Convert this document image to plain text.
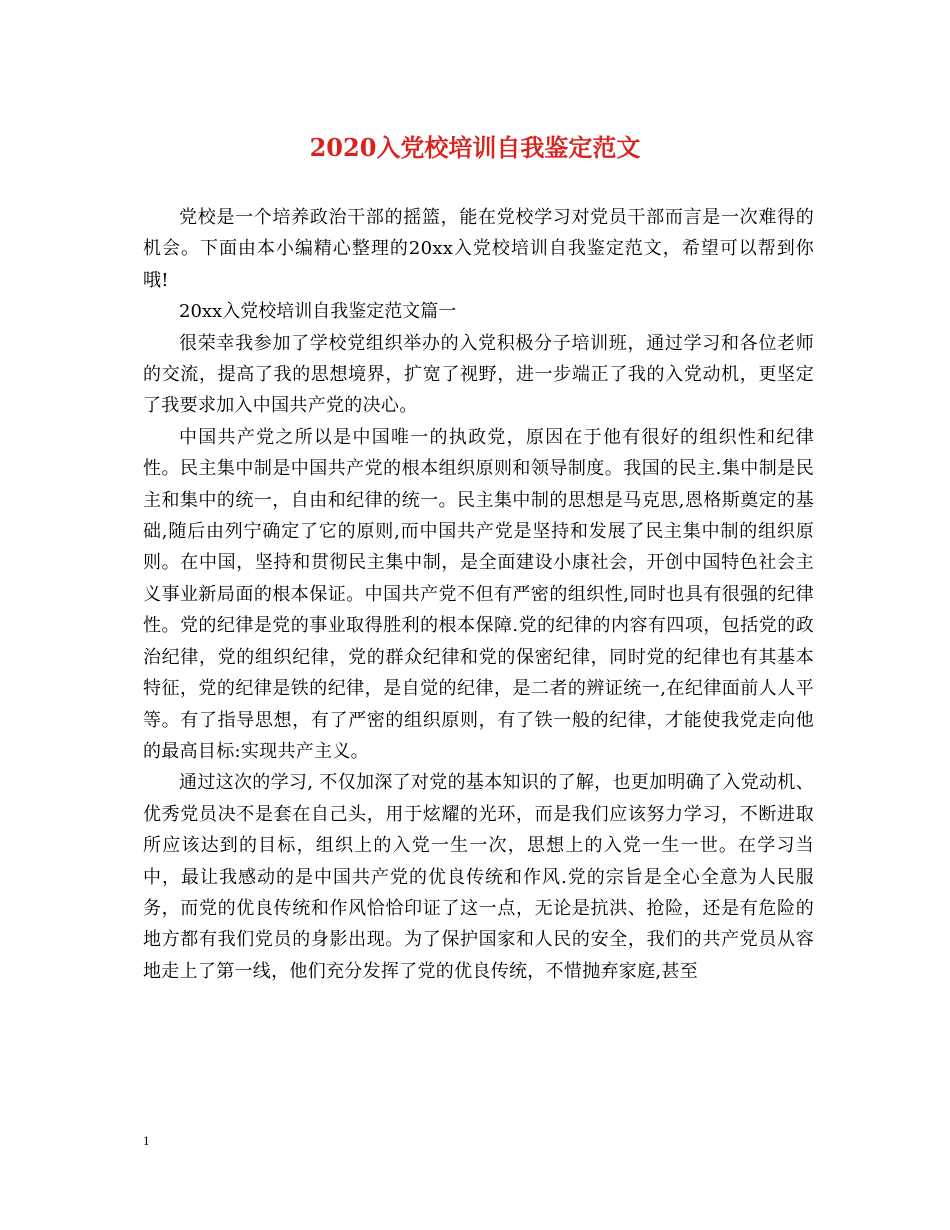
2020入党校培训自我鉴定范文

党校是一个培养政治干部的摇篮，能在党校学习对党员干部而言是一次难得的机会。下面由本小编精心整理的20xx入党校培训自我鉴定范文，希望可以帮到你哦!

20xx入党校培训自我鉴定范文篇一

很荣幸我参加了学校党组织举办的入党积极分子培训班，通过学习和各位老师的交流，提高了我的思想境界，扩宽了视野，进一步端正了我的入党动机，更坚定了我要求加入中国共产党的决心。

中国共产党之所以是中国唯一的执政党，原因在于他有很好的组织性和纪律性。民主集中制是中国共产党的根本组织原则和领导制度。我国的民主.集中制是民主和集中的统一，自由和纪律的统一。民主集中制的思想是马克思,恩格斯奠定的基础,随后由列宁确定了它的原则,而中国共产党是坚持和发展了民主集中制的组织原则。在中国，坚持和贯彻民主集中制，是全面建设小康社会，开创中国特色社会主义事业新局面的根本保证。中国共产党不但有严密的组织性,同时也具有很强的纪律性。党的纪律是党的事业取得胜利的根本保障.党的纪律的内容有四项，包括党的政治纪律，党的组织纪律，党的群众纪律和党的保密纪律，同时党的纪律也有其基本特征，党的纪律是铁的纪律，是自觉的纪律，是二者的辨证统一,在纪律面前人人平等。有了指导思想，有了严密的组织原则，有了铁一般的纪律，才能使我党走向他的最高目标:实现共产主义。

通过这次的学习, 不仅加深了对党的基本知识的了解，也更加明确了入党动机、优秀党员决不是套在自己头，用于炫耀的光环，而是我们应该努力学习，不断进取所应该达到的目标，组织上的入党一生一次，思想上的入党一生一世。在学习当中，最让我感动的是中国共产党的优良传统和作风.党的宗旨是全心全意为人民服务，而党的优良传统和作风恰恰印证了这一点，无论是抗洪、抢险，还是有危险的地方都有我们党员的身影出现。为了保护国家和人民的安全，我们的共产党员从容地走上了第一线，他们充分发挥了党的优良传统，不惜抛弃家庭,甚至

1
